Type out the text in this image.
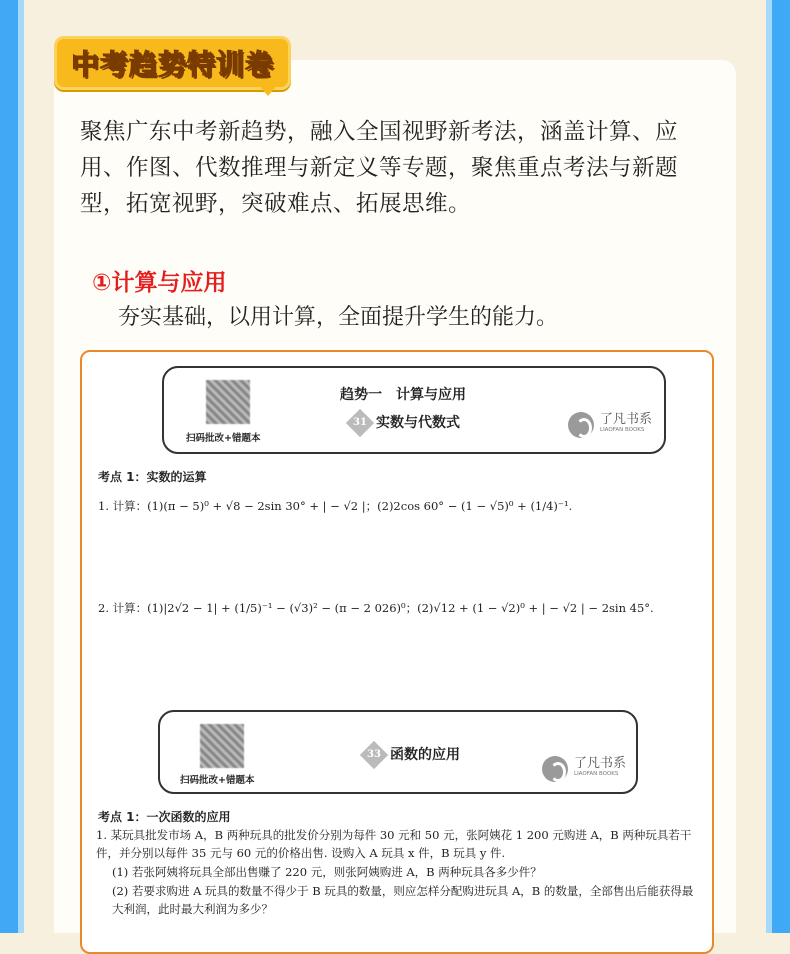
中考趋势特训卷
聚焦广东中考新趋势，融入全国视野新考法，涵盖计算、应用、作图、代数推理与新定义等专题，聚焦重点考法与新题型，拓宽视野，突破难点、拓展思维。
①计算与应用
夯实基础，以用计算，全面提升学生的能力。
扫码批改+错题本
趋势一　计算与应用
31 实数与代数式	了凡书系
LIAOFAN BOOKS
考点 1：实数的运算
1. 计算：(1)(π − 5)⁰ + √8 − 2sin 30° + | − √2 |；(2)2cos 60° − (1 − √5)⁰ + (1/4)⁻¹.
2. 计算：(1)|2√2 − 1| + (1/5)⁻¹ − (√3)² − (π − 2 026)⁰；(2)√12 + (1 − √2)⁰ + | − √2 | − 2sin 45°.
扫码批改+错题本
33 函数的应用
了凡书系
LIAOFAN BOOKS
考点 1：一次函数的应用
1. 某玩具批发市场 A，B 两种玩具的批发价分别为每件 30 元和 50 元，张阿姨花 1 200 元购进 A，B 两种玩具若干件，并分别以每件 35 元与 60 元的价格出售. 设购入 A 玩具 x 件，B 玩具 y 件.
(1) 若张阿姨将玩具全部出售赚了 220 元，则张阿姨购进 A，B 两种玩具各多少件？
(2) 若要求购进 A 玩具的数量不得少于 B 玩具的数量，则应怎样分配购进玩具 A，B 的数量，全部售出后能获得最大利润，此时最大利润为多少？
